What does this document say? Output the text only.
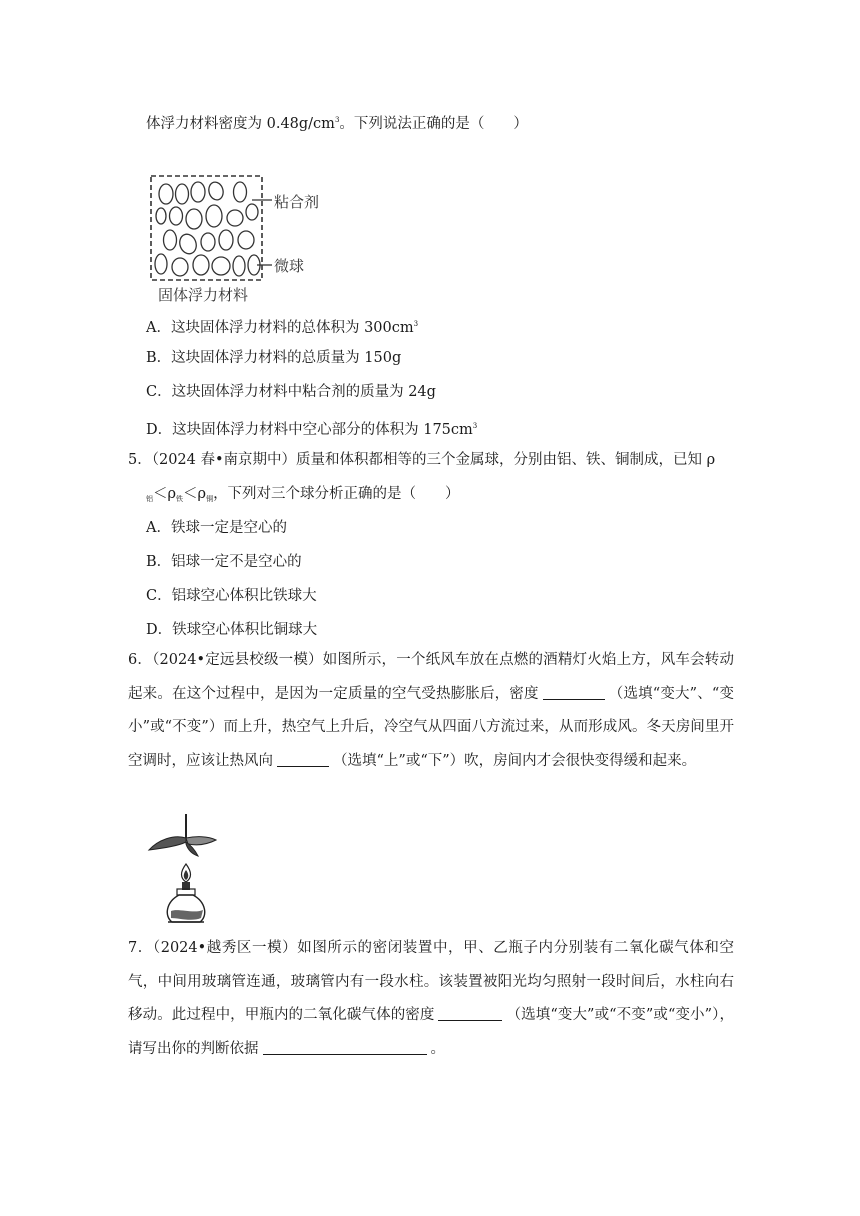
体浮力材料密度为 $0.48g/cm^3$。下列说法正确的是（　　）
粘合剂
微球
固体浮力材料
A．这块固体浮力材料的总体积为 $300cm^3$
B．这块固体浮力材料的总质量为 150g
C．这块固体浮力材料中粘合剂的质量为 24g
D．这块固体浮力材料中空心部分的体积为 $175cm^3$
5．（2024 春•南京期中）质量和体积都相等的三个金属球，分别由铝、铁、铜制成，已知 ρ
$_铝<\rho_铁<\rho_铜$，下列对三个球分析正确的是（　　）
A．铁球一定是空心的
B．铝球一定不是空心的
C．铝球空心体积比铁球大
D．铁球空心体积比铜球大
6．（2024•定远县校级一模）如图所示，一个纸风车放在点燃的酒精灯火焰上方，风车会转动起来。在这个过程中，是因为一定质量的空气受热膨胀后，密度	（选填“变大”、“变小”或“不变”）而上升，热空气上升后，冷空气从四面八方流过来，从而形成风。冬天房间里开空调时，应该让热风向	（选填“上”或“下”）吹，房间内才会很快变得缓和起来。
7．（2024•越秀区一模）如图所示的密闭装置中，甲、乙瓶子内分别装有二氧化碳气体和空气，中间用玻璃管连通，玻璃管内有一段水柱。该装置被阳光均匀照射一段时间后，水柱向右移动。此过程中，甲瓶内的二氧化碳气体的密度	（选填“变大”或“不变”或“变小”），请写出你的判断依据	。
